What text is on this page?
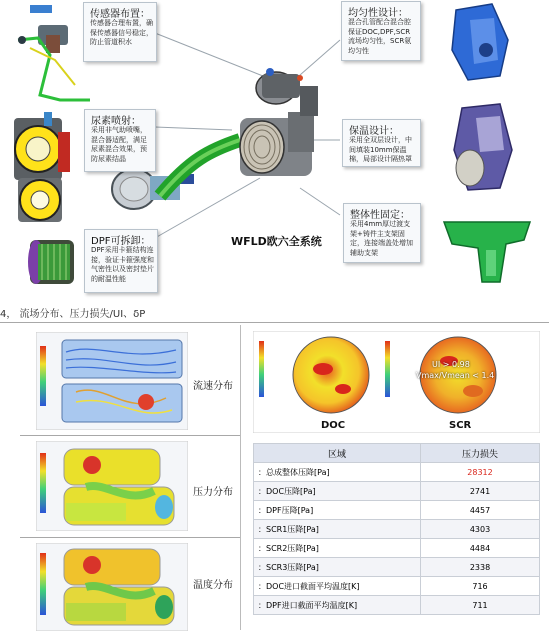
传感器布置：
传感器合理布置，确保传感器信号稳定，防止管道积水
尿素喷射：
采用非气助喷嘴，混合器适配，满足尿素混合效果，预防尿素结晶
DPF可拆卸：
DPF采用卡箍结构连接，验证卡箍强度和气密性以及密封垫片的耐温性能
均匀性设计：
混合孔管配合混合腔保证DOC,DPF,SCR流场均匀性，SCR氨均匀性
保温设计：
采用全双层设计，中间填装10mm保温棉，局部设计隔热罩
整体性固定：
采用4mm厚过渡支架+铸件主支架固定，连接端盖处增加辅助支架
WFLD欧六全系统
4， 流场分布、压力损失/UI、δP
流速分布
压力分布
温度分布
DOC	SCR
UI > 0.98
Vmax/Vmean < 1.4
区域	压力损失
：总成整体压降[Pa]	28312
：DOC压降[Pa]	2741
：DPF压降[Pa]	4457
：SCR1压降[Pa]	4303
：SCR2压降[Pa]	4484
：SCR3压降[Pa]	2338
：DOC进口截面平均温度[K]	716
：DPF进口截面平均温度[K]	711
